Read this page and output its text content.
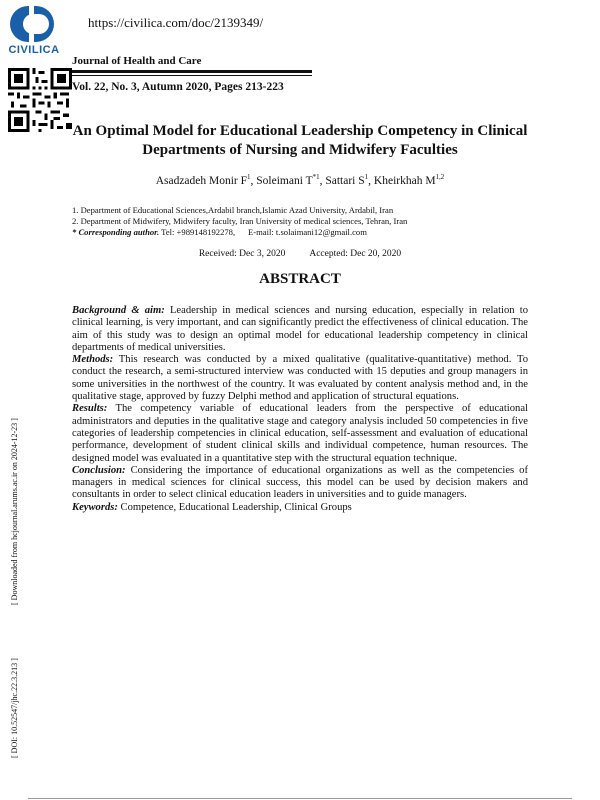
CIVILICA
https://civilica.com/doc/2139349/
Journal of Health and Care
Vol. 22, No. 3, Autumn 2020, Pages 213-223
An Optimal Model for Educational Leadership Competency in Clinical Departments of Nursing and Midwifery Faculties
Asadzadeh Monir $F^1$, Soleimani $T^{*1}$, Sattari $S^1$, Kheirkhah M$^{1,2}$
1. Department of Educational Sciences,Ardabil branch,Islamic Azad University, Ardabil, Iran
2. Department of Midwifery, Midwifery faculty, Iran University of medical sciences, Tehran, Iran
* Corresponding author. Tel: +989148192278, E-mail: t.solaimani12@gmail.com
Received: Dec 3, 2020	Accepted: Dec 20, 2020
ABSTRACT

Background & aim: Leadership in medical sciences and nursing education, especially in relation to clinical learning, is very important, and can significantly predict the effectiveness of clinical education. The aim of this study was to design an optimal model for educational leadership competency in clinical departments of medical universities.

Methods: This research was conducted by a mixed qualitative (qualitative-quantitative) method. To conduct the research, a semi-structured interview was conducted with 15 deputies and group managers in some universities in the northwest of the country. It was evaluated by content analysis method and, in the qualitative stage, approved by fuzzy Delphi method and application of structural equations.

Results: The competency variable of educational leaders from the perspective of educational administrators and deputies in the qualitative stage and category analysis included 50 competencies in five categories of leadership competencies in clinical education, self-assessment and evaluation of educational performance, development of student clinical skills and individual competence, human resources. The designed model was evaluated in a quantitative step with the structural equation technique.

Conclusion: Considering the importance of educational organizations as well as the competencies of managers in medical sciences for clinical success, this model can be used by decision makers and consultants in order to select clinical education leaders in universities and to guide managers.

Keywords: Competence, Educational Leadership, Clinical Groups

[ Downloaded from hcjournal.arums.ac.ir on 2024-12-23 ]
[ DOI: 10.52547/jhc.22.3.213 ]
